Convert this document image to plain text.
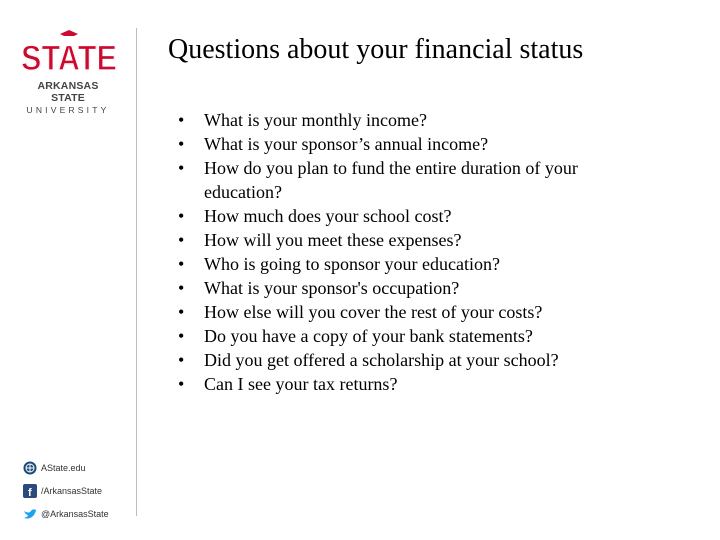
STATE
STATE
ARKANSAS STATE
UNIVERSITY
AState.edu
f /ArkansasState
@ArkansasState
Questions about your financial status
• What is your monthly income?
• What is your sponsor’s annual income?
• How do you plan to fund the entire duration of your education?
• How much does your school cost?
• How will you meet these expenses?
• Who is going to sponsor your education?
• What is your sponsor's occupation?
• How else will you cover the rest of your costs?
• Do you have a copy of your bank statements?
• Did you get offered a scholarship at your school?
• Can I see your tax returns?
